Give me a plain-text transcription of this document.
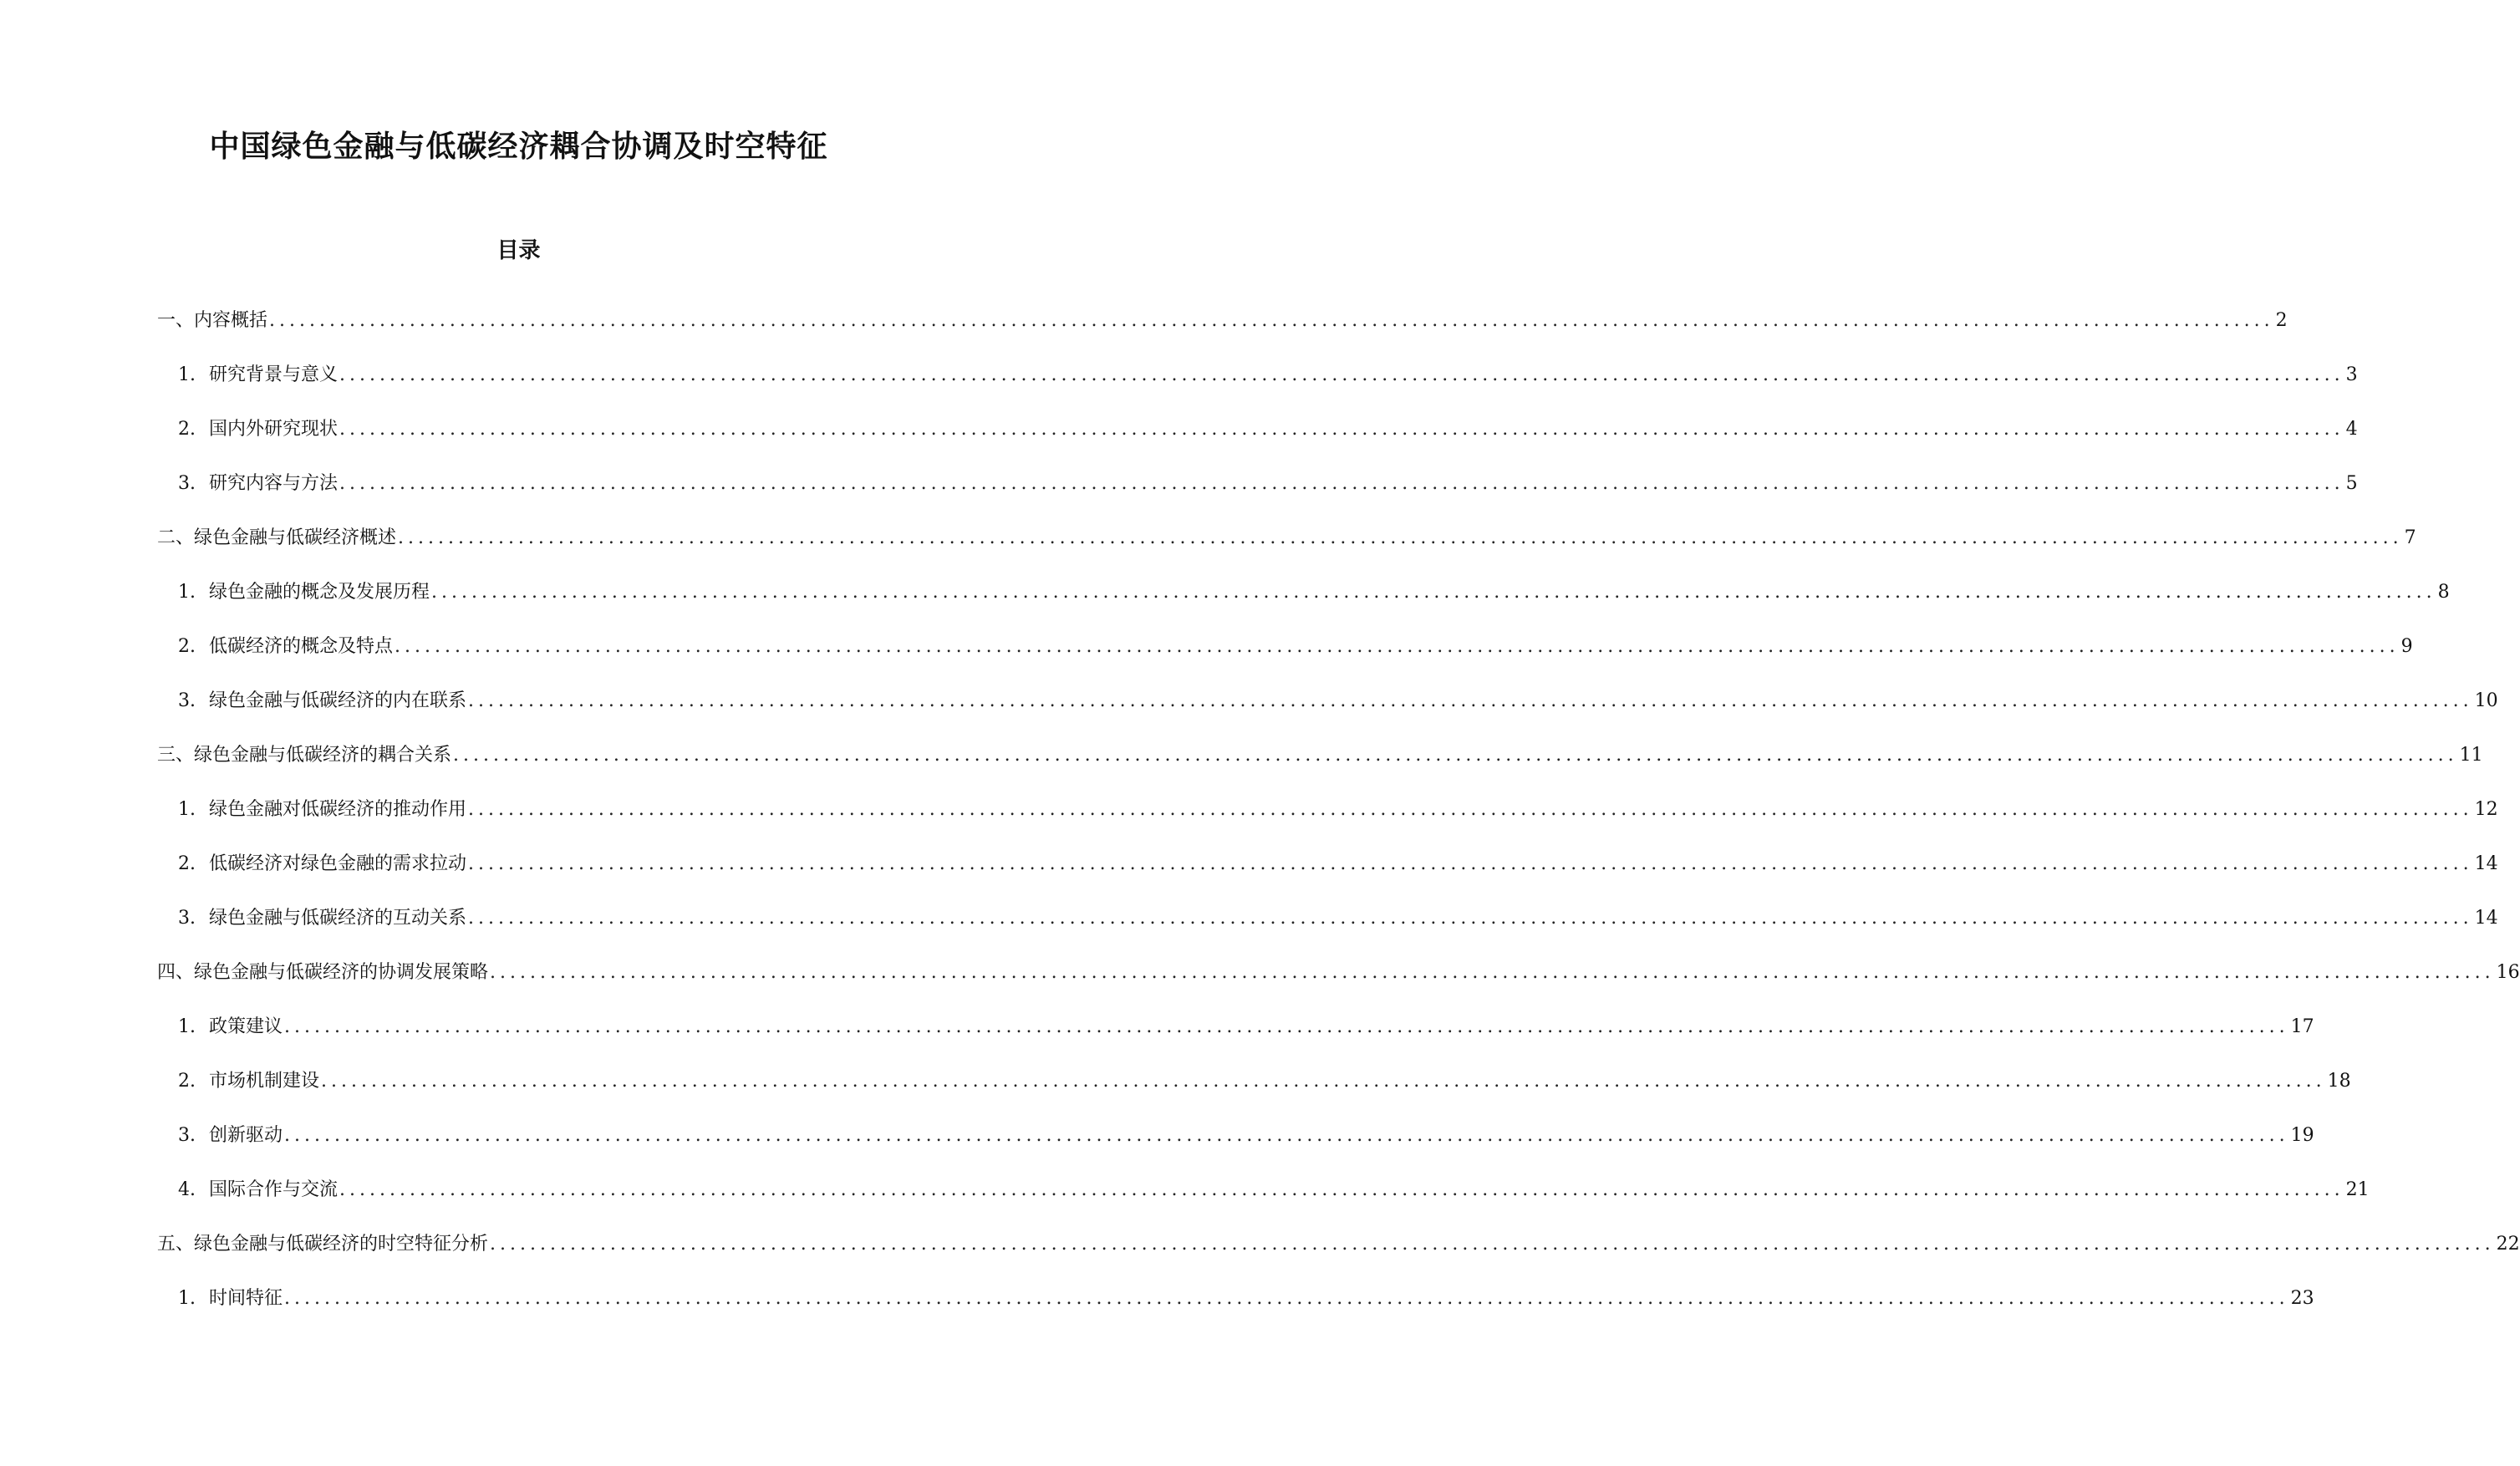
中国绿色金融与低碳经济耦合协调及时空特征
目录
一、内容概括 ........................................................................................................................................................................................................ 2
1. 研究背景与意义 ........................................................................................................................................................................................................ 3
2. 国内外研究现状 ........................................................................................................................................................................................................ 4
3. 研究内容与方法 ........................................................................................................................................................................................................ 5
二、绿色金融与低碳经济概述 ........................................................................................................................................................................................................ 7
1. 绿色金融的概念及发展历程 ........................................................................................................................................................................................................ 8
2. 低碳经济的概念及特点 ........................................................................................................................................................................................................ 9
3. 绿色金融与低碳经济的内在联系 ........................................................................................................................................................................................................ 10
三、绿色金融与低碳经济的耦合关系 ........................................................................................................................................................................................................ 11
1. 绿色金融对低碳经济的推动作用 ........................................................................................................................................................................................................ 12
2. 低碳经济对绿色金融的需求拉动 ........................................................................................................................................................................................................ 14
3. 绿色金融与低碳经济的互动关系 ........................................................................................................................................................................................................ 14
四、绿色金融与低碳经济的协调发展策略 ........................................................................................................................................................................................................ 16
1. 政策建议 ........................................................................................................................................................................................................ 17
2. 市场机制建设 ........................................................................................................................................................................................................ 18
3. 创新驱动 ........................................................................................................................................................................................................ 19
4. 国际合作与交流 ........................................................................................................................................................................................................ 21
五、绿色金融与低碳经济的时空特征分析 ........................................................................................................................................................................................................ 22
1. 时间特征 ........................................................................................................................................................................................................ 23
